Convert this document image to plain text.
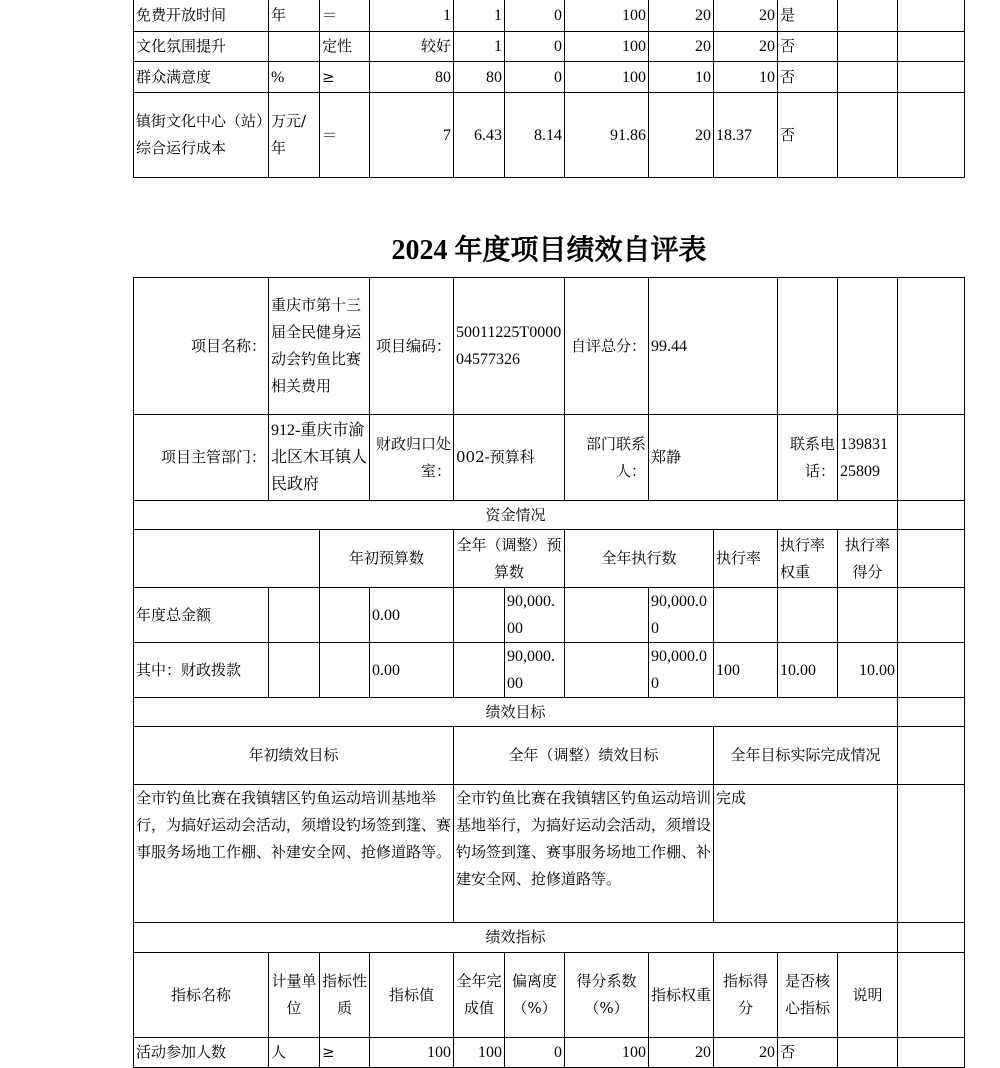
免费开放时间	年	＝	1	1	0	100	20	20	是		
文化氛围提升		定性	较好	1	0	100	20	20	否		
群众满意度	%	≥	80	80	0	100	10	10	否		
镇街文化中心（站）综合运行成本	万元/年	＝	7	6.43	8.14	91.86	20	18.37	否		
2024 年度项目绩效自评表
项目名称：	重庆市第十三届全民健身运动会钓鱼比赛相关费用		项目编码：	50011225T000004577326		自评总分：	99.44				
项目主管部门：	912-重庆市渝北区木耳镇人民政府		财政归口处室：	002-预算科		部门联系人：	郑静		联系电话：	13983125809	
资金情况											
		年初预算数		全年（调整）预算数		全年执行数		执行率	执行率权重	执行率得分	
年度总金额			0.00		90,000.00		90,000.00				
其中：财政拨款			0.00		90,000.00		90,000.00	100	10.00	10.00	
绩效目标											
年初绩效目标				全年（调整）绩效目标				全年目标实际完成情况			
全市钓鱼比赛在我镇辖区钓鱼运动培训基地举行，为搞好运动会活动，须增设钓场签到篷、赛事服务场地工作棚、补建安全网、抢修道路等。				全市钓鱼比赛在我镇辖区钓鱼运动培训基地举行，为搞好运动会活动，须增设钓场签到篷、赛事服务场地工作棚、补建安全网、抢修道路等。				完成			
绩效指标											
指标名称	计量单位	指标性质	指标值	全年完成值	偏离度（%）	得分系数（%）	指标权重	指标得分	是否核心指标	说明	
活动参加人数	人	≥	100	100	0	100	20	20	否		
